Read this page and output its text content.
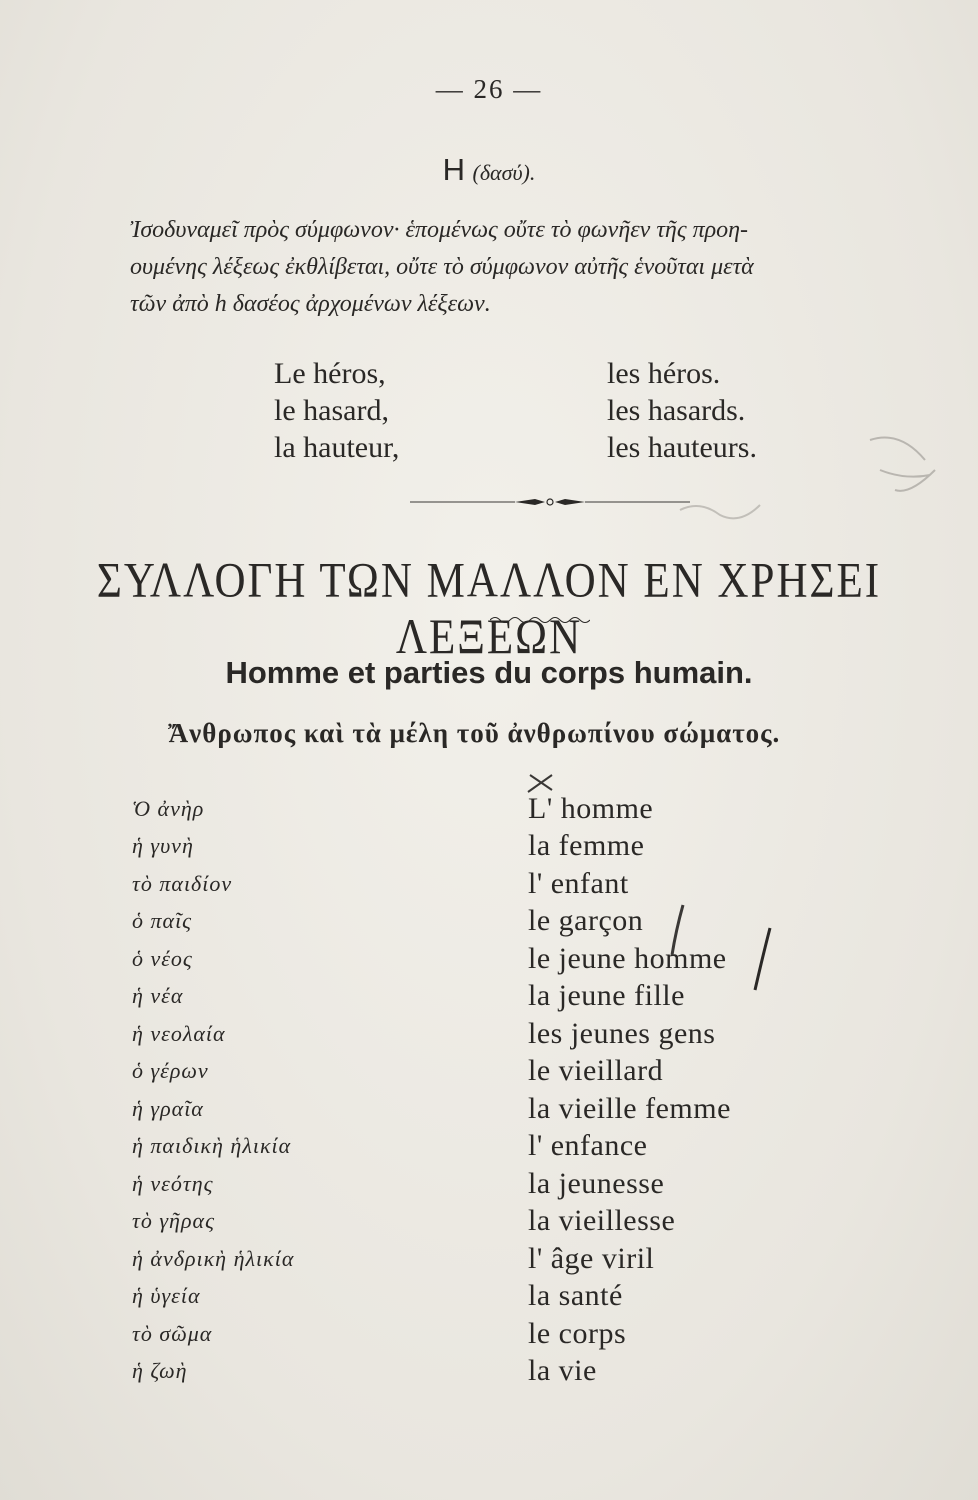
— 26 —
Η (δασύ).

Ἰσοδυναμεῖ πρὸς σύμφωνον· ἑπομένως οὔτε τὸ φωνῆεν τῆς προη-

ουμένης λέξεως ἐκθλίβεται, οὔτε τὸ σύμφωνον αὐτῆς ἑνοῦται μετὰ

τῶν ἀπὸ h δασέος ἀρχομένων λέξεων.

Le héros,	les héros.
le hasard,	les hasards.
la hauteur,	les hauteurs.
ΣΥΛΛΟΓΗ ΤΩΝ ΜΑΛΛΟΝ ΕΝ ΧΡΗΣΕΙ ΛΕΞΕΩΝ
Homme et parties du corps humain.
Ἄνθρωπος καὶ τὰ μέλη τοῦ ἀνθρωπίνου σώματος.
Ὁ ἀνὴρ	L' homme
ἡ γυνὴ	la femme
τὸ παιδίον	l' enfant
ὁ παῖς	le garçon
ὁ νέος	le jeune homme
ἡ νέα	la jeune fille
ἡ νεολαία	les jeunes gens
ὁ γέρων	le vieillard
ἡ γραῖα	la vieille femme
ἡ παιδικὴ ἡλικία	l' enfance
ἡ νεότης	la jeunesse
τὸ γῆρας	la vieillesse
ἡ ἀνδρικὴ ἡλικία	l' âge viril
ἡ ὑγεία	la santé
τὸ σῶμα	le corps
ἡ ζωὴ	la vie
